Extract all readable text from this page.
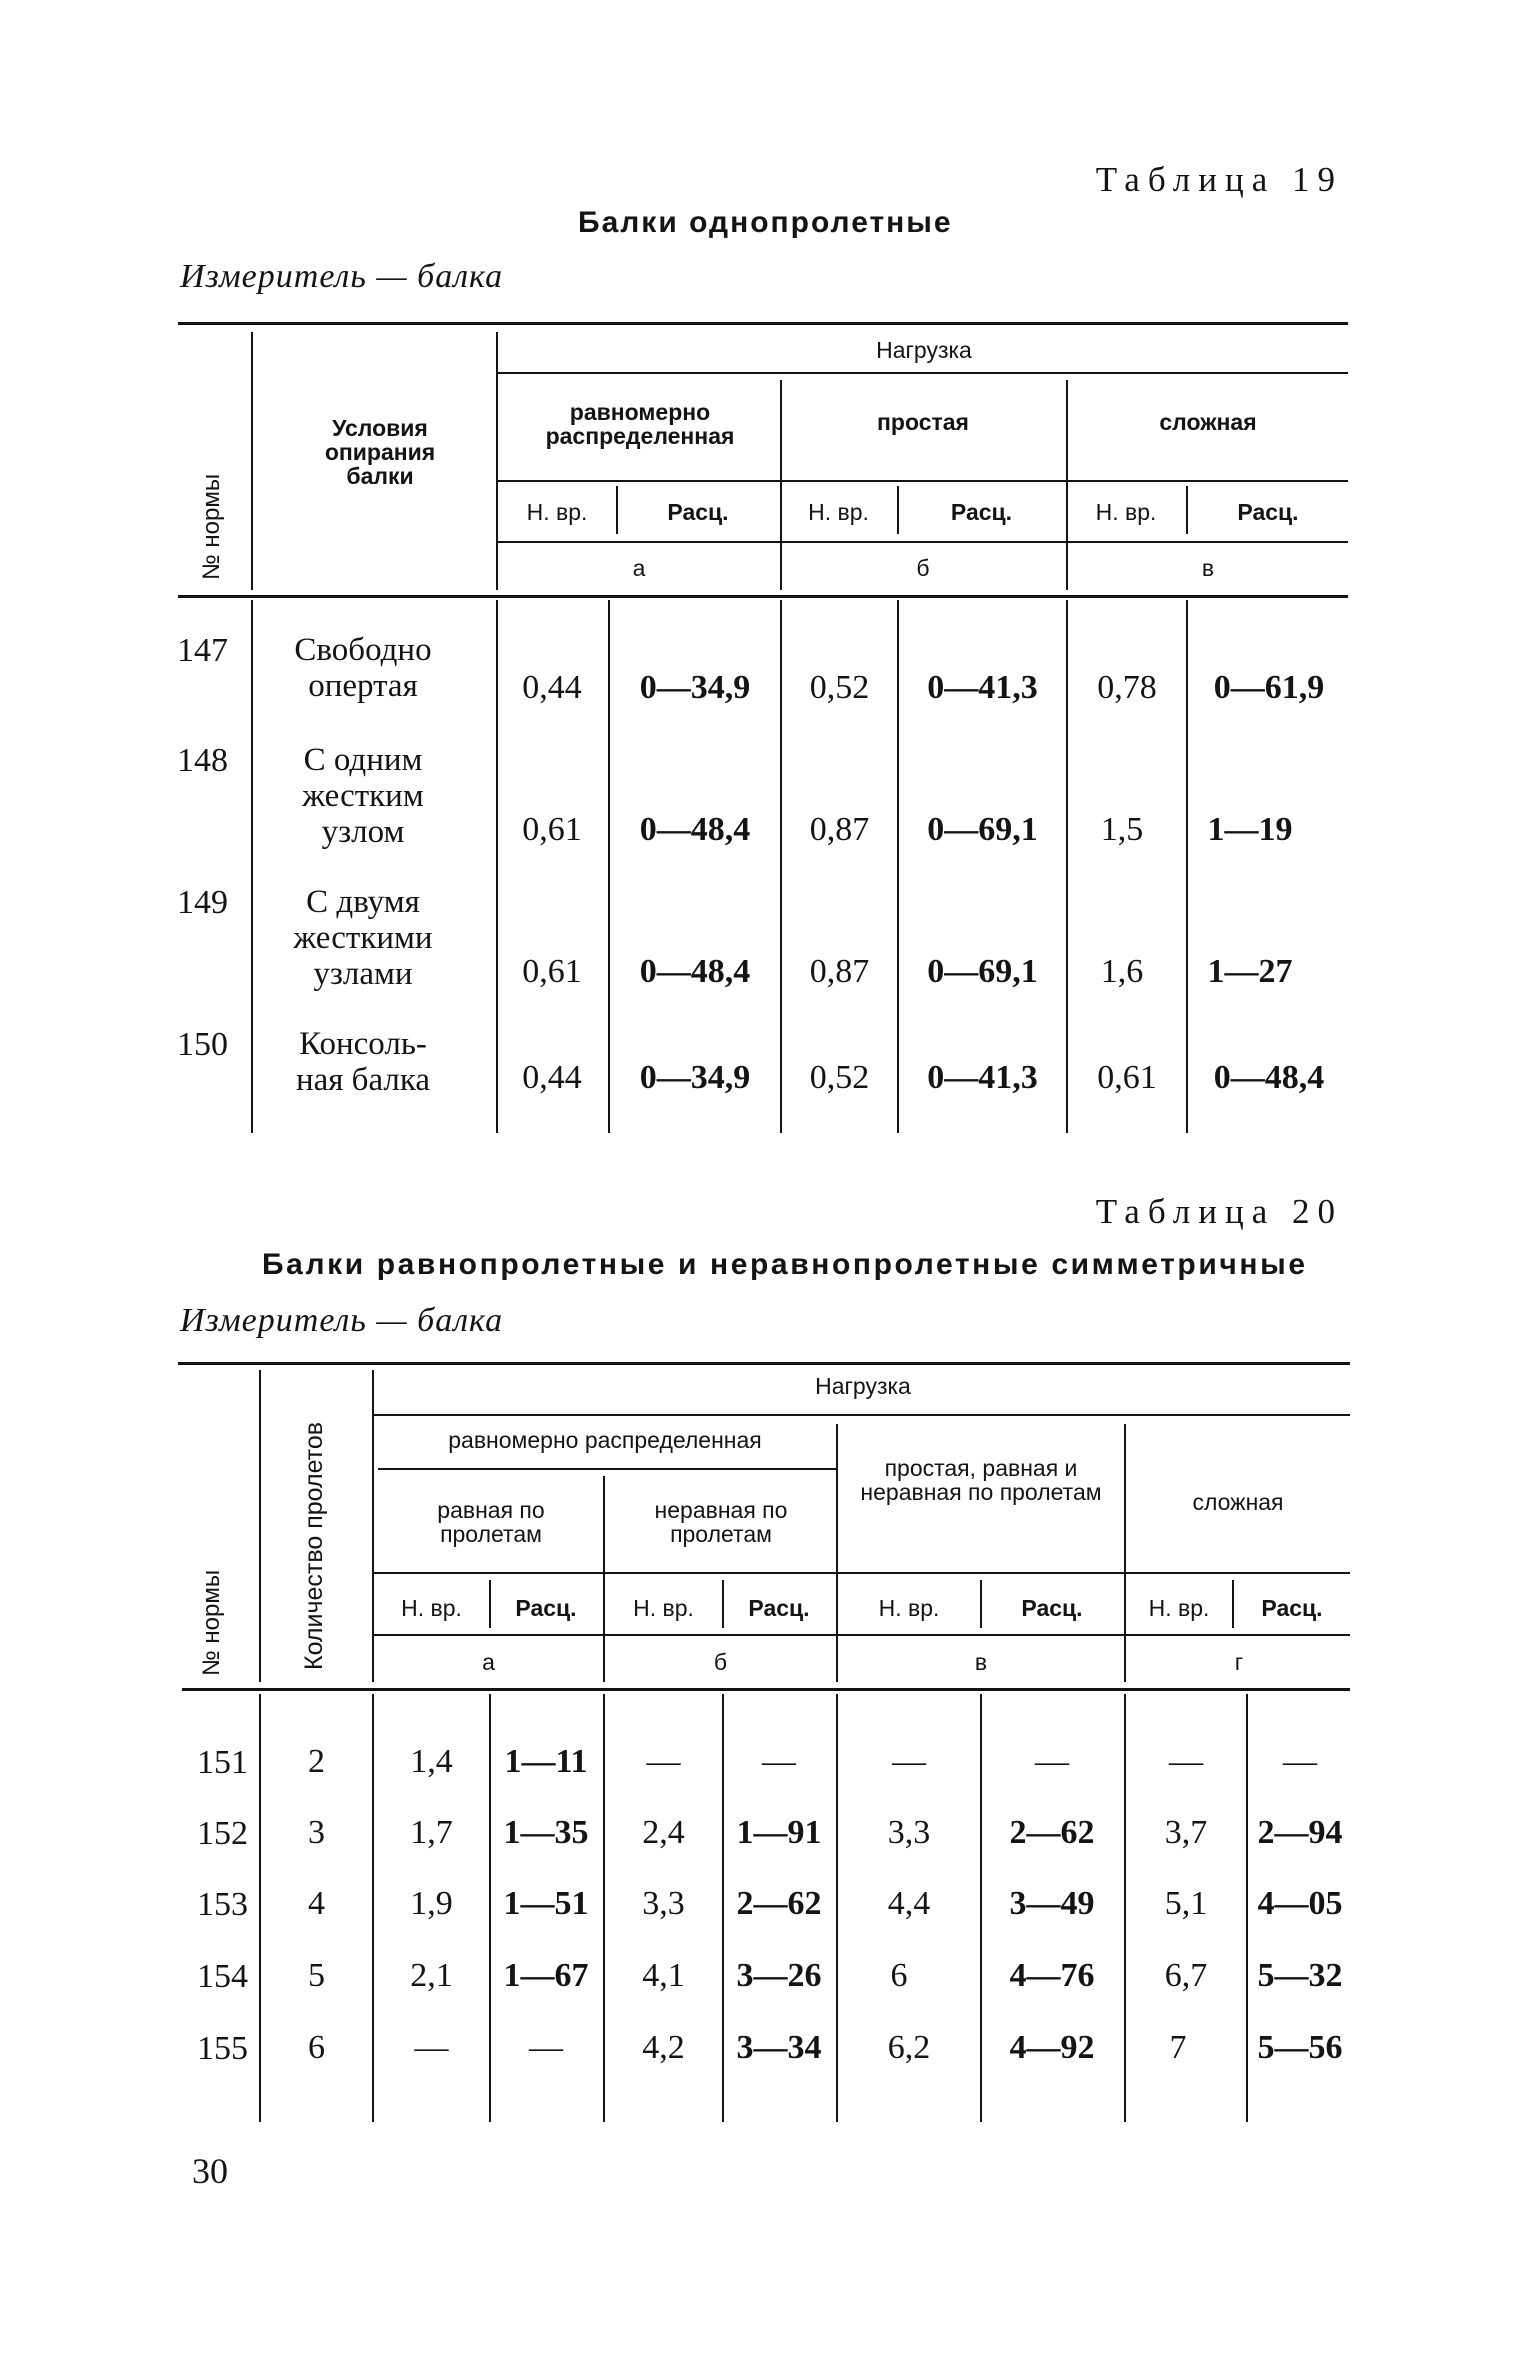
Таблица 19
Балки однопролетные
Измеритель — балка
№ нормы
Условия опирания балки
Нагрузка
равномерно распределенная
простая	сложная
Н. вр.	Расц.	Н. вр.	Расц.	Н. вр.	Расц.
а	б	в
147	Свободно опертая	0,44	0—34,9	0,52	0—41,3	0,78	0—61,9
148	С одним жестким узлом	0,61	0—48,4	0,87	0—69,1	1,5	1—19
149	С двумя жесткими узлами	0,61	0—48,4	0,87	0—69,1	1,6	1—27
150	Консоль-ная балка	0,44	0—34,9	0,52	0—41,3	0,61	0—48,4
Таблица 20
Балки равнопролетные и неравнопролетные симметричные
Измеритель — балка
№ нормы	Количество пролетов
Нагрузка
равномерно распределенная
равная по пролетам
неравная по пролетам
простая, равная и неравная по пролетам	сложная
Н. вр.	Расц.	Н. вр.	Расц.	Н. вр.	Расц.	Н. вр.	Расц.
а	б	в	г
151	2	1,4	1—11	—	—	—	—	—	—
152	3	1,7	1—35	2,4	1—91	3,3	2—62	3,7	2—94
153	4	1,9	1—51	3,3	2—62	4,4	3—49	5,1	4—05
154	5	2,1	1—67	4,1	3—26	6	4—76	6,7	5—32
155	6	—	—	4,2	3—34	6,2	4—92	7	5—56
30
